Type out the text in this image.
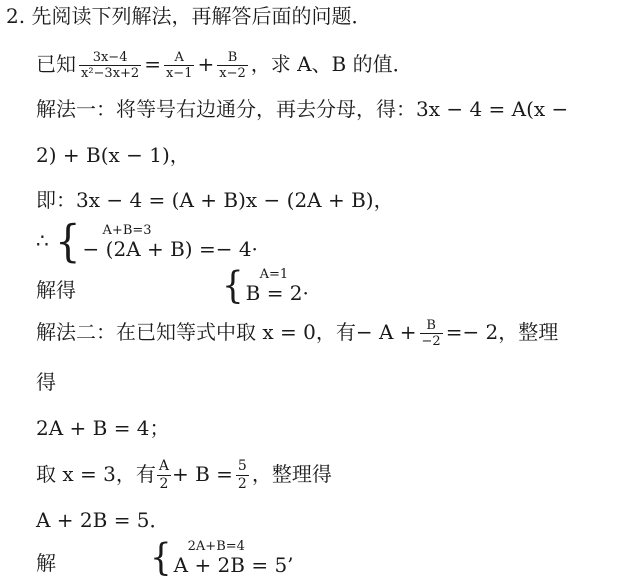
2. 先阅读下列解法，再解答后面的问题．
已知 $\frac{3x-4}{\text{x²−3x+2}} = \frac{A}{x-1} + \frac{B}{x-2}$ ，求 A、B 的值．
解法一：将等号右边通分，再去分母，得：3x − 4 = A(x −
2) + B(x − 1)，
即：3x − 4 = (A + B)x − (2A + B)，
∴ { A+B=3
− (2A + B) =− 4·
解得	{ A=1
B = 2·
解法二：在已知等式中取 x = 0，有− $A + \frac{B}{-2} =- 2$，整理
得
2A + B = 4；
取 x = 3，有 $\frac{A}{2} + B = \frac{5}{2}$ ，整理得
A + 2B = 5．
解	{ 2A+B=4
A + 2B = 5’
